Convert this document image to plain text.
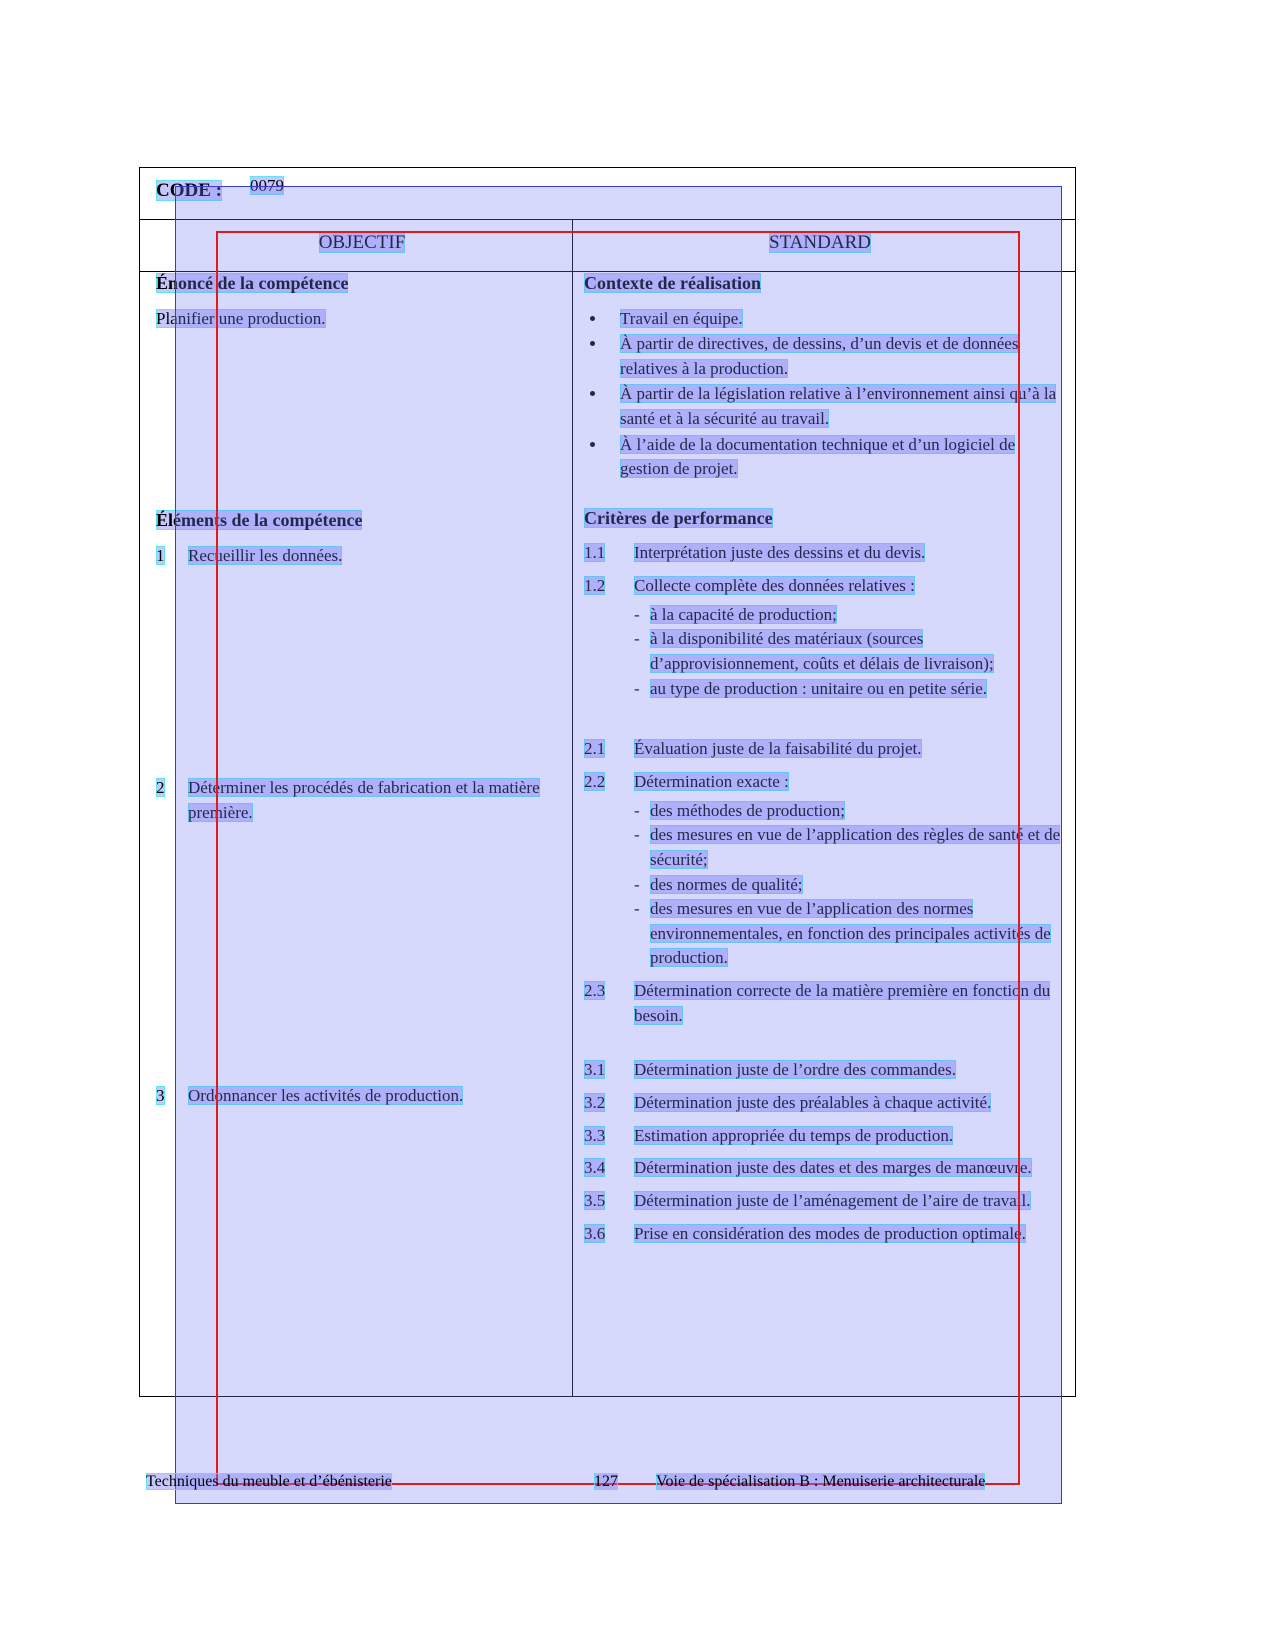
CODE : 0079
OBJECTIF	STANDARD
Énoncé de la compétence

Planifier une production.

Éléments de la compétence
1 Recueillir les données.
2 Déterminer les procédés de fabrication et la matière première.
3 Ordonnancer les activités de production.
Contexte de réalisation
Travail en équipe.
À partir de directives, de dessins, d’un devis et de données relatives à la production.
À partir de la législation relative à l’environnement ainsi qu’à la santé et à la sécurité au travail.
À l’aide de la documentation technique et d’un logiciel de gestion de projet.
Critères de performance
1.1 Interprétation juste des dessins et du devis.
1.2 Collecte complète des données relatives :
- à la capacité de production;
- à la disponibilité des matériaux (sources d’approvisionnement, coûts et délais de livraison);
- au type de production : unitaire ou en petite série.
2.1 Évaluation juste de la faisabilité du projet.
2.2 Détermination exacte :
- des méthodes de production;
- des mesures en vue de l’application des règles de santé et de sécurité;
- des normes de qualité;
- des mesures en vue de l’application des normes environnementales, en fonction des principales activités de production.
2.3 Détermination correcte de la matière première en fonction du besoin.
3.1 Détermination juste de l’ordre des commandes.
3.2 Détermination juste des préalables à chaque activité.
3.3 Estimation appropriée du temps de production.
3.4 Détermination juste des dates et des marges de manœuvre.
3.5 Détermination juste de l’aménagement de l’aire de travail.
3.6 Prise en considération des modes de production optimale.
Techniques du meuble et d’ébénisterie	127 Voie de spécialisation B : Menuiserie architecturale
